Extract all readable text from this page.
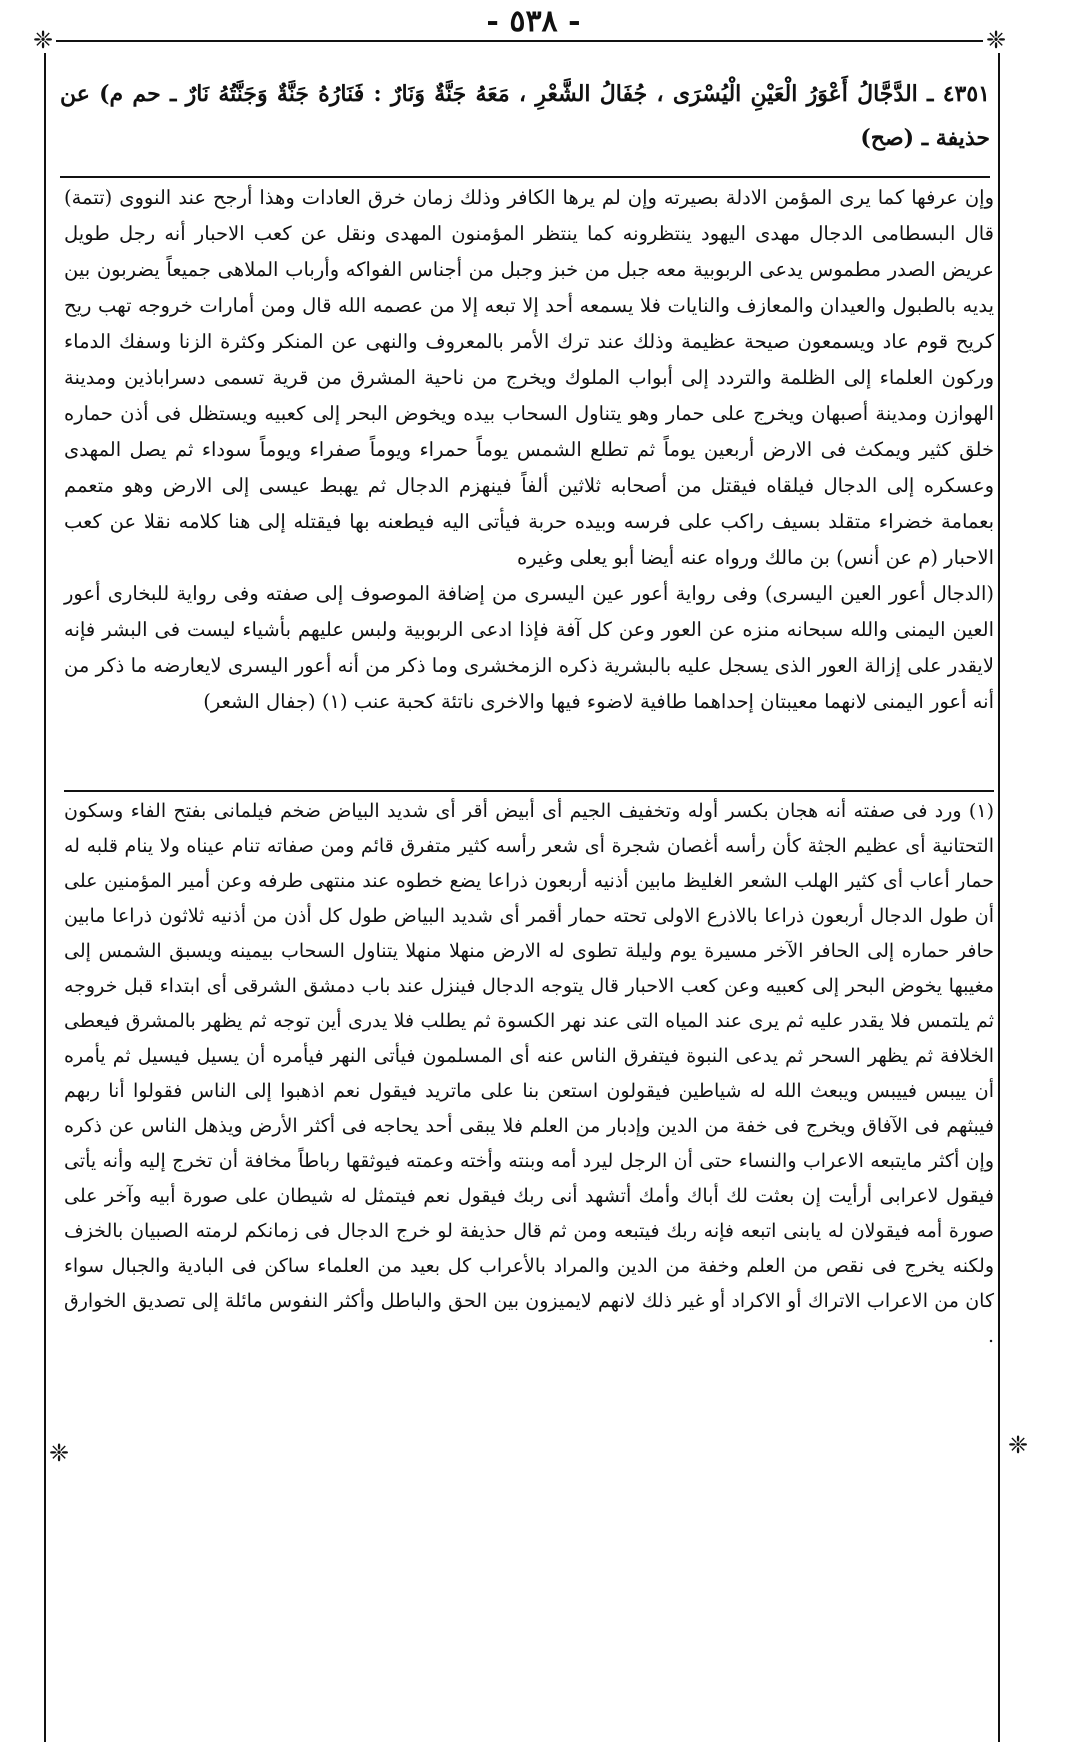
- ٥٣٨ -
❈	❈
❈	❈
٤٣٥١ ـ الدَّجَّالُ أَعْوَرُ الْعَيْنِ الْيُسْرَى ، جُفَالُ الشَّعْرِ ، مَعَهُ جَنَّةٌ وَنَارٌ : فَنَارُهُ جَنَّةٌ وَجَنَّتُهُ نَارٌ ـ حم م) عن حذيفة ـ (صح)

وإن عرفها كما يرى المؤمن الادلة بصيرته وإن لم يرها الكافر وذلك زمان خرق العادات وهذا أرجح عند النووى (تتمة) قال البسطامى الدجال مهدى اليهود ينتظرونه كما ينتظر المؤمنون المهدى ونقل عن كعب الاحبار أنه رجل طويل عريض الصدر مطموس يدعى الربوبية معه جبل من خبز وجبل من أجناس الفواكه وأرباب الملاهى جميعاً يضربون بين يديه بالطبول والعيدان والمعازف والنايات فلا يسمعه أحد إلا تبعه إلا من عصمه الله قال ومن أمارات خروجه تهب ريح كريح قوم عاد ويسمعون صيحة عظيمة وذلك عند ترك الأمر بالمعروف والنهى عن المنكر وكثرة الزنا وسفك الدماء وركون العلماء إلى الظلمة والتردد إلى أبواب الملوك ويخرج من ناحية المشرق من قرية تسمى دسراباذين ومدينة الهوازن ومدينة أصبهان ويخرج على حمار وهو يتناول السحاب بيده ويخوض البحر إلى كعبيه ويستظل فى أذن حماره خلق كثير ويمكث فى الارض أربعين يوماً ثم تطلع الشمس يوماً حمراء ويوماً صفراء ويوماً سوداء ثم يصل المهدى وعسكره إلى الدجال فيلقاه فيقتل من أصحابه ثلاثين ألفاً فينهزم الدجال ثم يهبط عيسى إلى الارض وهو متعمم بعمامة خضراء متقلد بسيف راكب على فرسه وبيده حربة فيأتى اليه فيطعنه بها فيقتله إلى هنا كلامه نقلا عن كعب الاحبار (م عن أنس) بن مالك ورواه عنه أيضا أبو يعلى وغيره

(الدجال أعور العين اليسرى) وفى رواية أعور عين اليسرى من إضافة الموصوف إلى صفته وفى رواية للبخارى أعور العين اليمنى والله سبحانه منزه عن العور وعن كل آفة فإذا ادعى الربوبية ولبس عليهم بأشياء ليست فى البشر فإنه لايقدر على إزالة العور الذى يسجل عليه بالبشرية ذكره الزمخشرى وما ذكر من أنه أعور اليسرى لايعارضه ما ذكر من أنه أعور اليمنى لانهما معيبتان إحداهما طافية لاضوء فيها والاخرى ناتئة كحبة عنب (١) (جفال الشعر)

(١) ورد فى صفته أنه هجان بكسر أوله وتخفيف الجيم أى أبيض أقر أى شديد البياض ضخم فيلمانى بفتح الفاء وسكون التحتانية أى عظيم الجثة كأن رأسه أغصان شجرة أى شعر رأسه كثير متفرق قائم ومن صفاته تنام عيناه ولا ينام قلبه له حمار أعاب أى كثير الهلب الشعر الغليظ مابين أذنيه أربعون ذراعا يضع خطوه عند منتهى طرفه وعن أمير المؤمنين على أن طول الدجال أربعون ذراعا بالاذرع الاولى تحته حمار أقمر أى شديد البياض طول كل أذن من أذنيه ثلاثون ذراعا مابين حافر حماره إلى الحافر الآخر مسيرة يوم وليلة تطوى له الارض منهلا منهلا يتناول السحاب بيمينه ويسبق الشمس إلى مغيبها يخوض البحر إلى كعبيه وعن كعب الاحبار قال يتوجه الدجال فينزل عند باب دمشق الشرقى أى ابتداء قبل خروجه ثم يلتمس فلا يقدر عليه ثم يرى عند المياه التى عند نهر الكسوة ثم يطلب فلا يدرى أين توجه ثم يظهر بالمشرق فيعطى الخلافة ثم يظهر السحر ثم يدعى النبوة فيتفرق الناس عنه أى المسلمون فيأتى النهر فيأمره أن يسيل فيسيل ثم يأمره أن ييبس فييبس ويبعث الله له شياطين فيقولون استعن بنا على ماتريد فيقول نعم اذهبوا إلى الناس فقولوا أنا ربهم فيبثهم فى الآفاق ويخرج فى خفة من الدين وإدبار من العلم فلا يبقى أحد يحاجه فى أكثر الأرض ويذهل الناس عن ذكره وإن أكثر مايتبعه الاعراب والنساء حتى أن الرجل ليرد أمه وبنته وأخته وعمته فيوثقها رباطاً مخافة أن تخرج إليه وأنه يأتى فيقول لاعرابى أرأيت إن بعثت لك أباك وأمك أتشهد أنى ربك فيقول نعم فيتمثل له شيطان على صورة أبيه وآخر على صورة أمه فيقولان له يابنى اتبعه فإنه ربك فيتبعه ومن ثم قال حذيفة لو خرج الدجال فى زمانكم لرمته الصبيان بالخزف ولكنه يخرج فى نقص من العلم وخفة من الدين والمراد بالأعراب كل بعيد من العلماء ساكن فى البادية والجبال سواء كان من الاعراب الاتراك أو الاكراد أو غير ذلك لانهم لايميزون بين الحق والباطل وأكثر النفوس مائلة إلى تصديق الخوارق .
